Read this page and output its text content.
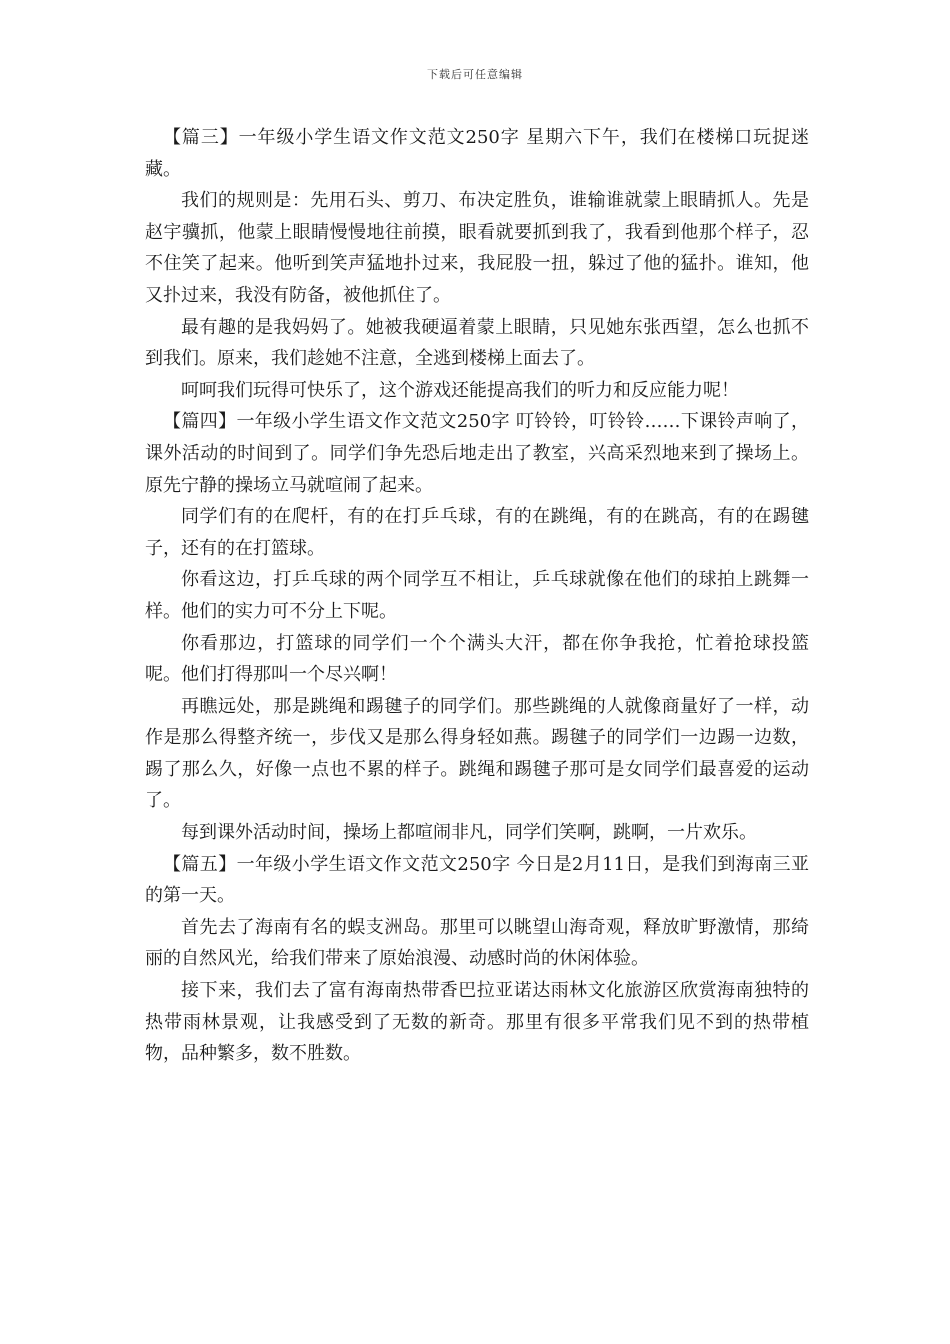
下载后可任意编辑

【篇三】一年级小学生语文作文范文250字 星期六下午，我们在楼梯口玩捉迷藏。

我们的规则是：先用石头、剪刀、布决定胜负，谁输谁就蒙上眼睛抓人。先是赵宇骥抓，他蒙上眼睛慢慢地往前摸，眼看就要抓到我了，我看到他那个样子，忍不住笑了起来。他听到笑声猛地扑过来，我屁股一扭，躲过了他的猛扑。谁知，他又扑过来，我没有防备，被他抓住了。

最有趣的是我妈妈了。她被我硬逼着蒙上眼睛，只见她东张西望，怎么也抓不到我们。原来，我们趁她不注意，全逃到楼梯上面去了。

呵呵我们玩得可快乐了，这个游戏还能提高我们的听力和反应能力呢！

【篇四】一年级小学生语文作文范文250字 叮铃铃，叮铃铃……下课铃声响了，课外活动的时间到了。同学们争先恐后地走出了教室，兴高采烈地来到了操场上。原先宁静的操场立马就喧闹了起来。

同学们有的在爬杆，有的在打乒乓球，有的在跳绳，有的在跳高，有的在踢毽子，还有的在打篮球。

你看这边，打乒乓球的两个同学互不相让，乒乓球就像在他们的球拍上跳舞一样。他们的实力可不分上下呢。

你看那边，打篮球的同学们一个个满头大汗，都在你争我抢，忙着抢球投篮呢。他们打得那叫一个尽兴啊！

再瞧远处，那是跳绳和踢毽子的同学们。那些跳绳的人就像商量好了一样，动作是那么得整齐统一，步伐又是那么得身轻如燕。踢毽子的同学们一边踢一边数，踢了那么久，好像一点也不累的样子。跳绳和踢毽子那可是女同学们最喜爱的运动了。

每到课外活动时间，操场上都喧闹非凡，同学们笑啊，跳啊，一片欢乐。

【篇五】一年级小学生语文作文范文250字 今日是2月11日，是我们到海南三亚的第一天。

首先去了海南有名的蜈支洲岛。那里可以眺望山海奇观，释放旷野激情，那绮丽的自然风光，给我们带来了原始浪漫、动感时尚的休闲体验。

接下来，我们去了富有海南热带香巴拉亚诺达雨林文化旅游区欣赏海南独特的热带雨林景观，让我感受到了无数的新奇。那里有很多平常我们见不到的热带植物，品种繁多，数不胜数。
